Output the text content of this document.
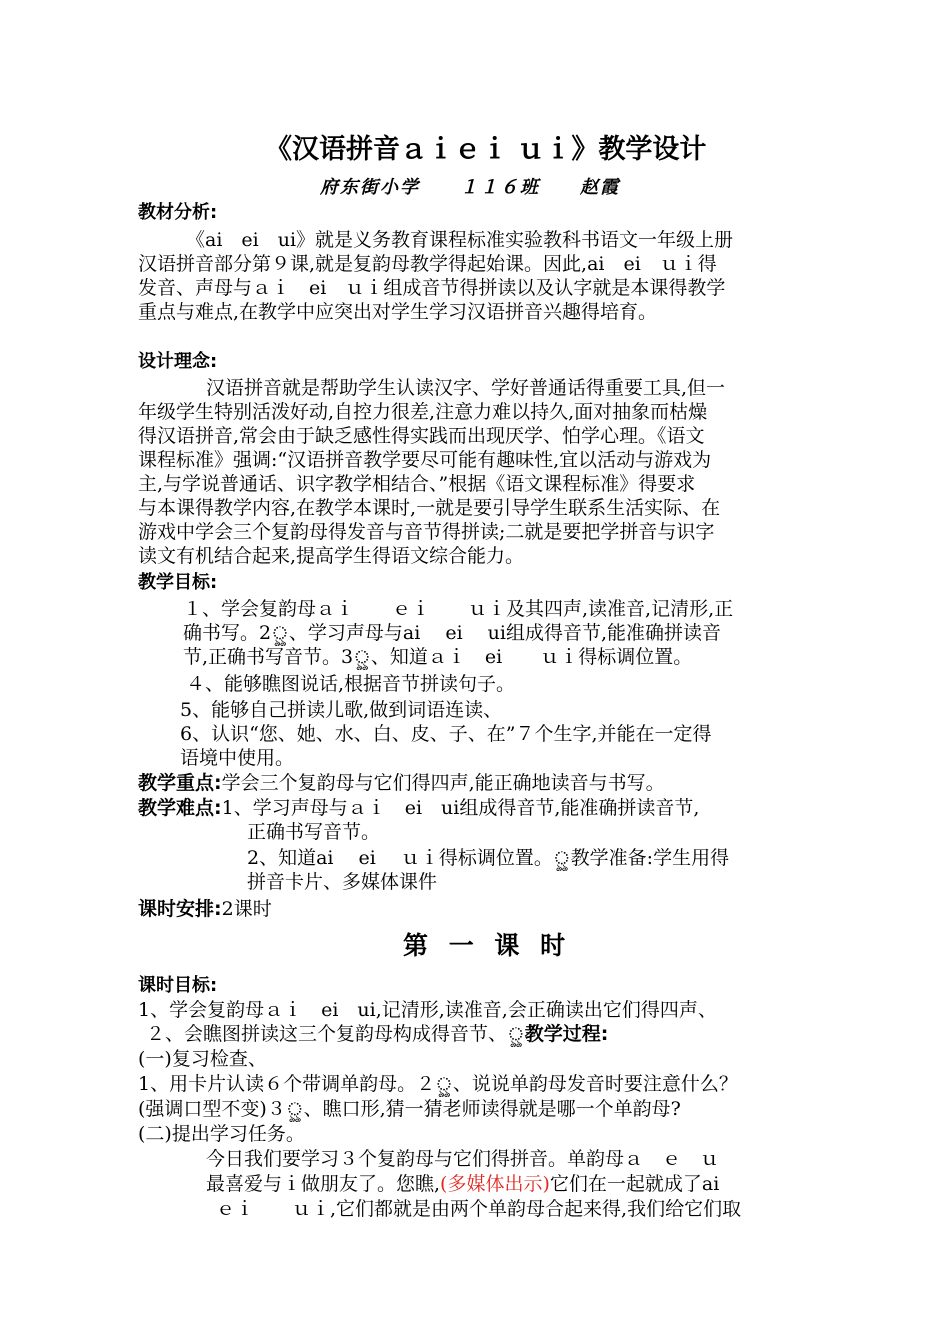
《汉语拼音ａｉｅｉ ｕｉ》教学设计
府东街小学　　１１６班　　赵霞
教材分析:
《ai　ei　ui》就是义务教育课程标准实验教科书语文一年级上册
汉语拼音部分第９课,就是复韵母教学得起始课。因此,ai　ei　ｕｉ得
发音、声母与ａｉ　ei　ｕｉ组成音节得拼读以及认字就是本课得教学
重点与难点,在教学中应突出对学生学习汉语拼音兴趣得培育。
设计理念:
汉语拼音就是帮助学生认读汉字、学好普通话得重要工具,但一
年级学生特别活泼好动,自控力很差,注意力难以持久,面对抽象而枯燥
得汉语拼音,常会由于缺乏感性得实践而出现厌学、怕学心理。《语文
课程标准》强调:“汉语拼音教学要尽可能有趣味性,宜以活动与游戏为
主,与学说普通话、识字教学相结合、”根据《语文课程标准》得要求
与本课得教学内容,在教学本课时,一就是要引导学生联系生活实际、在
游戏中学会三个复韵母得发音与音节得拼读;二就是要把学拼音与识字
读文有机结合起来,提高学生得语文综合能力。
教学目标:
１、学会复韵母ａｉ　　ｅｉ　　ｕｉ及其四声,读准音,记清形,正
确书写。2ৣ、学习声母与ai　 ei　 ui组成得音节,能准确拼读音
节,正确书写音节。3ৣ、知道ａｉ　ei　　ｕｉ得标调位置。
４、能够瞧图说话,根据音节拼读句子。
5、能够自己拼读儿歌,做到词语连读、
6、认识“您、她、水、白、皮、子、在”７个生字,并能在一定得
语境中使用。
教学重点:学会三个复韵母与它们得四声,能正确地读音与书写。
教学难点:1、学习声母与ａｉ　ei　ui组成得音节,能准确拼读音节,
正确书写音节。
2、知道ai　 ei　 ｕｉ得标调位置。ৣ教学准备:学生用得
拼音卡片、多媒体课件
课时安排:2课时
第 一 课 时
课时目标:
1、学会复韵母ａｉ　ei　ui,记清形,读准音,会正确读出它们得四声、
２、会瞧图拼读这三个复韵母构成得音节、ৣ教学过程:
(一)复习检查、
1、用卡片认读６个带调单韵母。２ৣ、说说单韵母发音时要注意什么？
(强调口型不变)３ৣ、瞧口形,猜一猜老师读得就是哪一个单韵母?
(二)提出学习任务。
今日我们要学习３个复韵母与它们得拼音。单韵母ａ　ｅ　ｕ
最喜爱与ｉ做朋友了。您瞧,(多媒体出示)它们在一起就成了ai
ｅｉ　　ｕｉ,它们都就是由两个单韵母合起来得,我们给它们取
